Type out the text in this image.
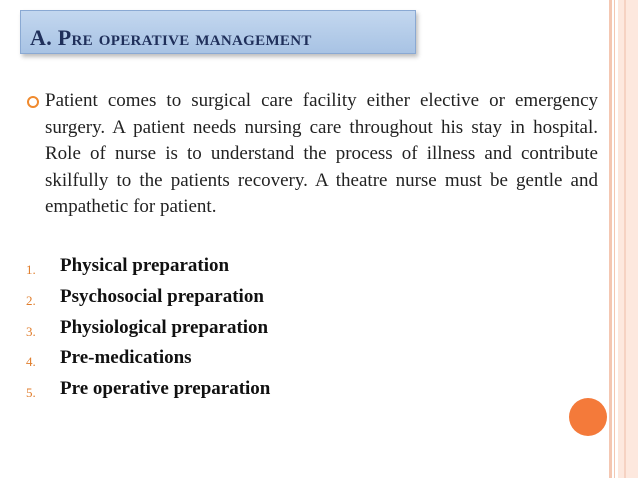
A. Pre operative management
Patient comes to surgical care facility either elective or emergency surgery. A patient needs nursing care throughout his stay in hospital. Role of nurse is to understand the process of illness and contribute skilfully to the patients recovery. A theatre nurse must be gentle and empathetic for patient.
1. Physical preparation
2. Psychosocial preparation
3. Physiological preparation
4. Pre-medications
5. Pre operative preparation
